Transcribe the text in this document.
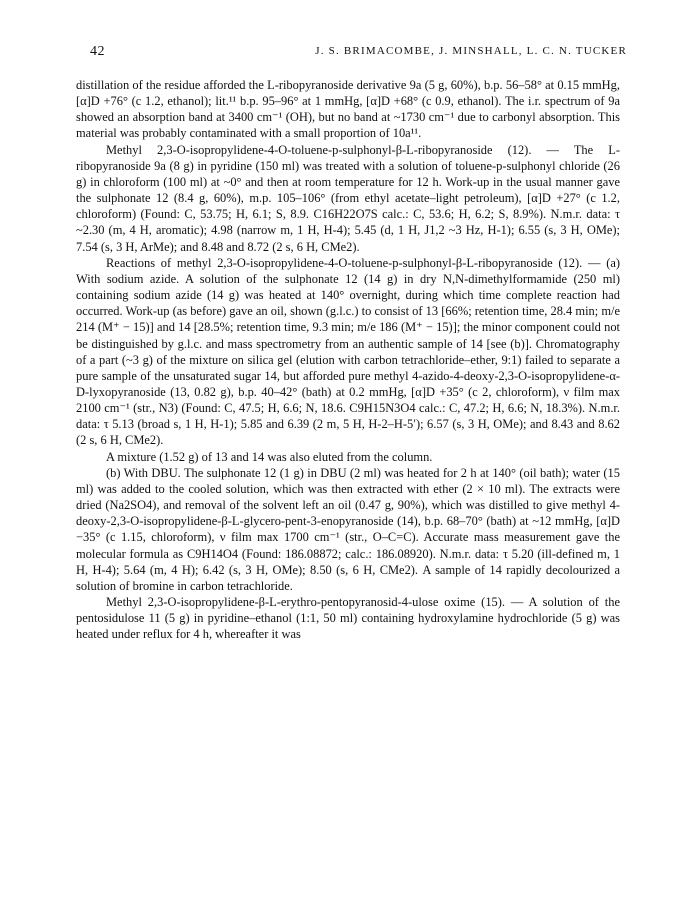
42	J. S. BRIMACOMBE, J. MINSHALL, L. C. N. TUCKER

distillation of the residue afforded the L-ribopyranoside derivative 9a (5 g, 60%), b.p. 56–58° at 0.15 mmHg, [α]D +76° (c 1.2, ethanol); lit.¹¹ b.p. 95–96° at 1 mmHg, [α]D +68° (c 0.9, ethanol). The i.r. spectrum of 9a showed an absorption band at 3400 cm⁻¹ (OH), but no band at ~1730 cm⁻¹ due to carbonyl absorption. This material was probably contaminated with a small proportion of 10a¹¹.

Methyl 2,3-O-isopropylidene-4-O-toluene-p-sulphonyl-β-L-ribopyranoside (12). — The L-ribopyranoside 9a (8 g) in pyridine (150 ml) was treated with a solution of toluene-p-sulphonyl chloride (26 g) in chloroform (100 ml) at ~0° and then at room temperature for 12 h. Work-up in the usual manner gave the sulphonate 12 (8.4 g, 60%), m.p. 105–106° (from ethyl acetate–light petroleum), [α]D +27° (c 1.2, chloroform) (Found: C, 53.75; H, 6.1; S, 8.9. C16H22O7S calc.: C, 53.6; H, 6.2; S, 8.9%). N.m.r. data: τ ~2.30 (m, 4 H, aromatic); 4.98 (narrow m, 1 H, H-4); 5.45 (d, 1 H, J1,2 ~3 Hz, H-1); 6.55 (s, 3 H, OMe); 7.54 (s, 3 H, ArMe); and 8.48 and 8.72 (2 s, 6 H, CMe2).

Reactions of methyl 2,3-O-isopropylidene-4-O-toluene-p-sulphonyl-β-L-ribopyranoside (12). — (a) With sodium azide. A solution of the sulphonate 12 (14 g) in dry N,N-dimethylformamide (250 ml) containing sodium azide (14 g) was heated at 140° overnight, during which time complete reaction had occurred. Work-up (as before) gave an oil, shown (g.l.c.) to consist of 13 [66%; retention time, 28.4 min; m/e 214 (M⁺ − 15)] and 14 [28.5%; retention time, 9.3 min; m/e 186 (M⁺ − 15)]; the minor component could not be distinguished by g.l.c. and mass spectrometry from an authentic sample of 14 [see (b)]. Chromatography of a part (~3 g) of the mixture on silica gel (elution with carbon tetrachloride–ether, 9:1) failed to separate a pure sample of the unsaturated sugar 14, but afforded pure methyl 4-azido-4-deoxy-2,3-O-isopropylidene-α-D-lyxopyranoside (13, 0.82 g), b.p. 40–42° (bath) at 0.2 mmHg, [α]D +35° (c 2, chloroform), ν film max 2100 cm⁻¹ (str., N3) (Found: C, 47.5; H, 6.6; N, 18.6. C9H15N3O4 calc.: C, 47.2; H, 6.6; N, 18.3%). N.m.r. data: τ 5.13 (broad s, 1 H, H-1); 5.85 and 6.39 (2 m, 5 H, H-2–H-5′); 6.57 (s, 3 H, OMe); and 8.43 and 8.62 (2 s, 6 H, CMe2).

A mixture (1.52 g) of 13 and 14 was also eluted from the column.

(b) With DBU. The sulphonate 12 (1 g) in DBU (2 ml) was heated for 2 h at 140° (oil bath); water (15 ml) was added to the cooled solution, which was then extracted with ether (2 × 10 ml). The extracts were dried (Na2SO4), and removal of the solvent left an oil (0.47 g, 90%), which was distilled to give methyl 4-deoxy-2,3-O-isopropylidene-β-L-glycero-pent-3-enopyranoside (14), b.p. 68–70° (bath) at ~12 mmHg, [α]D −35° (c 1.15, chloroform), ν film max 1700 cm⁻¹ (str., O–C=C). Accurate mass measurement gave the molecular formula as C9H14O4 (Found: 186.08872; calc.: 186.08920). N.m.r. data: τ 5.20 (ill-defined m, 1 H, H-4); 5.64 (m, 4 H); 6.42 (s, 3 H, OMe); 8.50 (s, 6 H, CMe2). A sample of 14 rapidly decolourized a solution of bromine in carbon tetrachloride.

Methyl 2,3-O-isopropylidene-β-L-erythro-pentopyranosid-4-ulose oxime (15). — A solution of the pentosidulose 11 (5 g) in pyridine–ethanol (1:1, 50 ml) containing hydroxylamine hydrochloride (5 g) was heated under reflux for 4 h, whereafter it was
